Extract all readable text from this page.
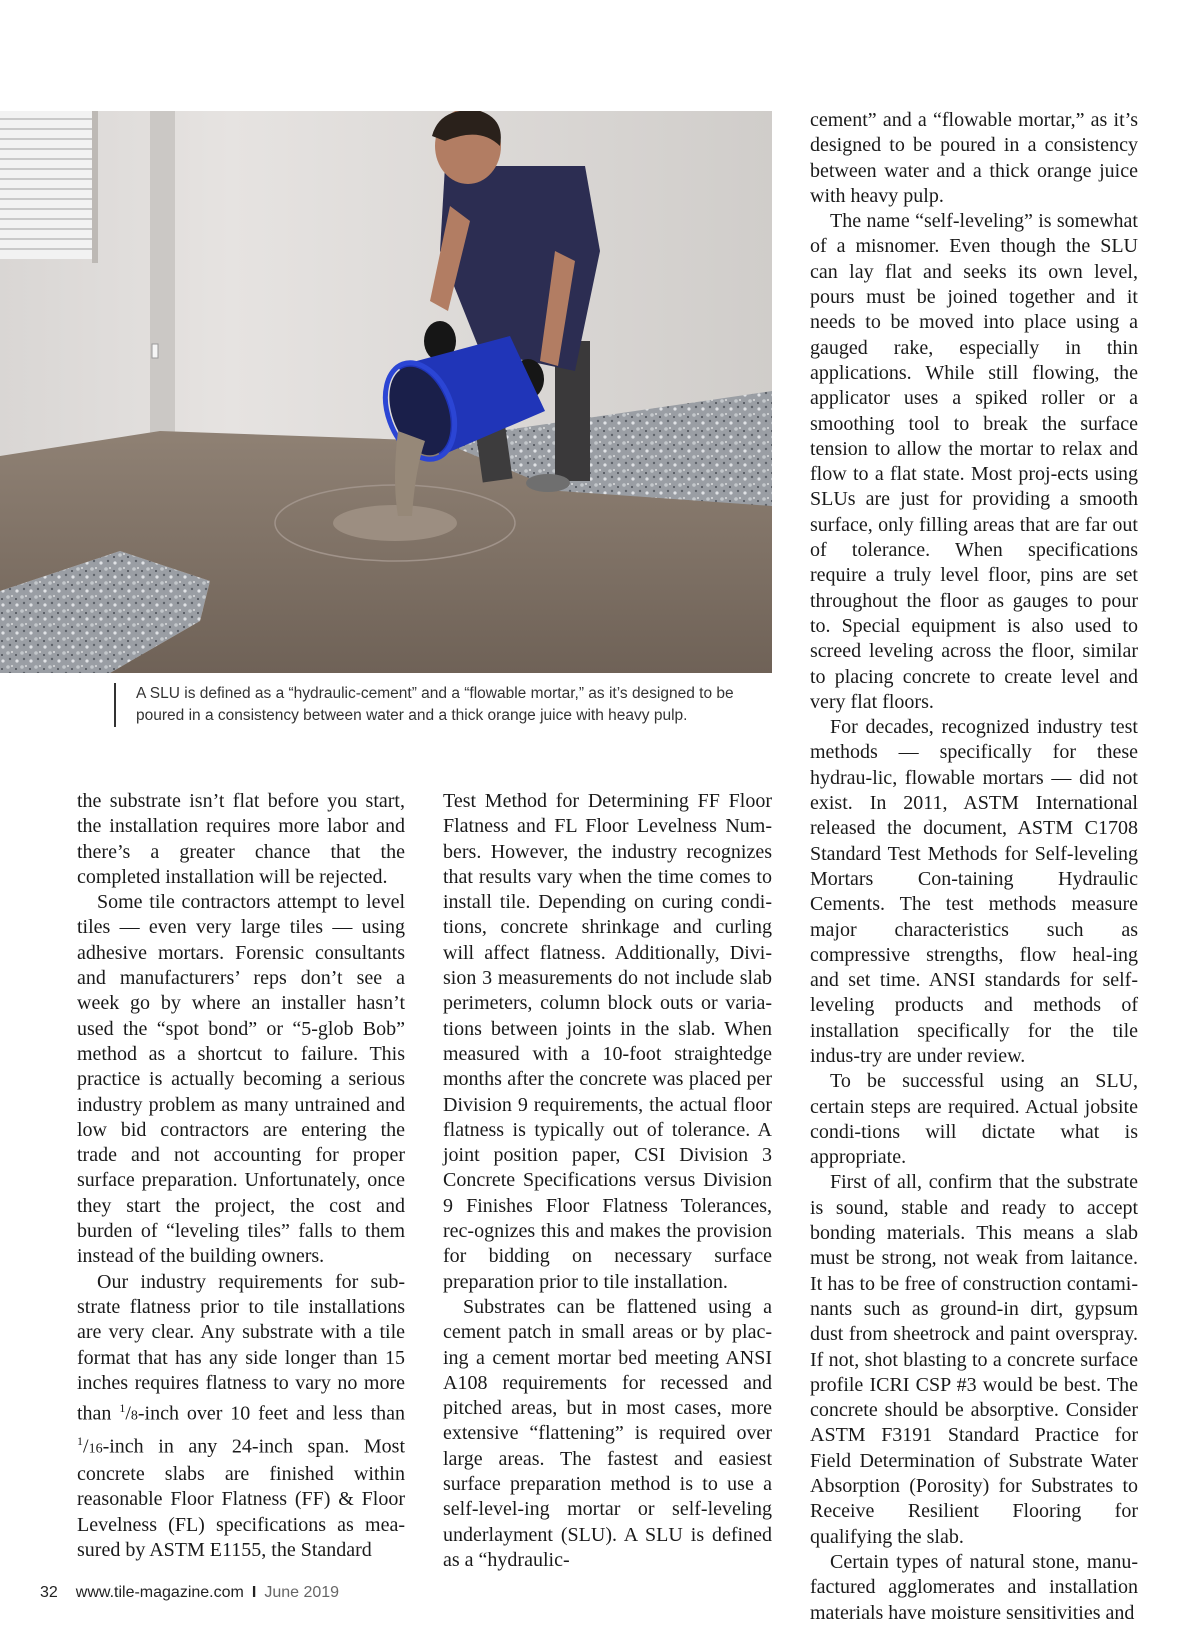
A SLU is defined as a “hydraulic-cement” and a “flowable mortar,” as it’s designed to be poured in a consistency between water and a thick orange juice with heavy pulp.

the substrate isn’t flat before you start, the installation requires more labor and there’s a greater chance that the completed installation will be rejected.

Some tile contractors attempt to level tiles — even very large tiles — using adhesive mortars. Forensic consultants and manufacturers’ reps don’t see a week go by where an installer hasn’t used the “spot bond” or “5-glob Bob” method as a shortcut to failure. This practice is actually becoming a serious industry problem as many untrained and low bid contractors are entering the trade and not accounting for proper surface preparation. Unfortunately, once they start the project, the cost and burden of “leveling tiles” falls to them instead of the building owners.

Our industry requirements for sub-strate flatness prior to tile installations are very clear. Any substrate with a tile format that has any side longer than 15 inches requires flatness to vary no more than $^1$/8-inch over 10 feet and less than $^1$/16-inch in any 24-inch span. Most concrete slabs are finished within reasonable Floor Flatness (FF) & Floor Levelness (FL) specifications as mea-sured by ASTM E1155, the Standard

Test Method for Determining FF Floor Flatness and FL Floor Levelness Num-bers. However, the industry recognizes that results vary when the time comes to install tile. Depending on curing condi-tions, concrete shrinkage and curling will affect flatness. Additionally, Divi-sion 3 measurements do not include slab perimeters, column block outs or varia-tions between joints in the slab. When measured with a 10-foot straightedge months after the concrete was placed per Division 9 requirements, the actual floor flatness is typically out of tolerance. A joint position paper, CSI Division 3 Concrete Specifications versus Division 9 Finishes Floor Flatness Tolerances, rec-ognizes this and makes the provision for bidding on necessary surface preparation prior to tile installation.

Substrates can be flattened using a cement patch in small areas or by plac-ing a cement mortar bed meeting ANSI A108 requirements for recessed and pitched areas, but in most cases, more extensive “flattening” is required over large areas. The fastest and easiest surface preparation method is to use a self-level-ing mortar or self-leveling underlayment (SLU). A SLU is defined as a “hydraulic-

cement” and a “flowable mortar,” as it’s designed to be poured in a consistency between water and a thick orange juice with heavy pulp.

The name “self-leveling” is somewhat of a misnomer. Even though the SLU can lay flat and seeks its own level, pours must be joined together and it needs to be moved into place using a gauged rake, especially in thin applications. While still flowing, the applicator uses a spiked roller or a smoothing tool to break the surface tension to allow the mortar to relax and flow to a flat state. Most proj-ects using SLUs are just for providing a smooth surface, only filling areas that are far out of tolerance. When specifications require a truly level floor, pins are set throughout the floor as gauges to pour to. Special equipment is also used to screed leveling across the floor, similar to placing concrete to create level and very flat floors.

For decades, recognized industry test methods — specifically for these hydrau-lic, flowable mortars — did not exist. In 2011, ASTM International released the document, ASTM C1708 Standard Test Methods for Self-leveling Mortars Con-taining Hydraulic Cements. The test methods measure major characteristics such as compressive strengths, flow heal-ing and set time. ANSI standards for self-leveling products and methods of installation specifically for the tile indus-try are under review.

To be successful using an SLU, certain steps are required. Actual jobsite condi-tions will dictate what is appropriate.

First of all, confirm that the substrate is sound, stable and ready to accept bonding materials. This means a slab must be strong, not weak from laitance. It has to be free of construction contami-nants such as ground-in dirt, gypsum dust from sheetrock and paint overspray. If not, shot blasting to a concrete surface profile ICRI CSP #3 would be best. The concrete should be absorptive. Consider ASTM F3191 Standard Practice for Field Determination of Substrate Water Absorption (Porosity) for Substrates to Receive Resilient Flooring for qualifying the slab.

Certain types of natural stone, manu-factured agglomerates and installation materials have moisture sensitivities and

32 www.tile-magazine.com I June 2019
